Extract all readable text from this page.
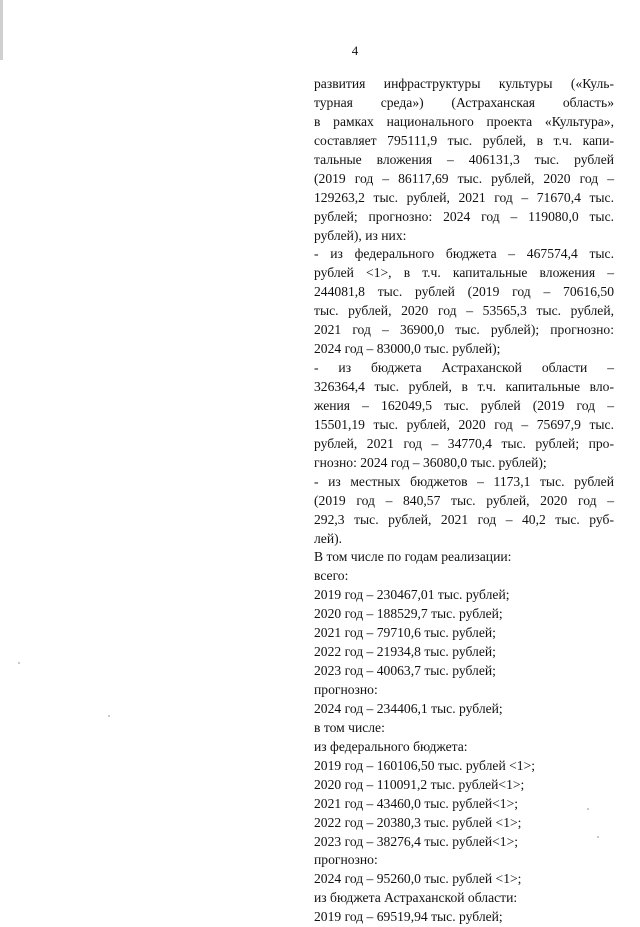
4
развития инфраструктуры культуры («Куль-
турная среда») (Астраханская область»
в рамках национального проекта «Культура»,
составляет 795111,9 тыс. рублей, в т.ч. капи-
тальные вложения – 406131,3 тыс. рублей
(2019 год – 86117,69 тыс. рублей, 2020 год –
129263,2 тыс. рублей, 2021 год – 71670,4 тыс.
рублей; прогнозно: 2024 год – 119080,0 тыс.
рублей), из них:
- из федерального бюджета – 467574,4 тыс.
рублей <1>, в т.ч. капитальные вложения –
244081,8 тыс. рублей (2019 год – 70616,50
тыс. рублей, 2020 год – 53565,3 тыс. рублей,
2021 год – 36900,0 тыс. рублей); прогнозно:
2024 год – 83000,0 тыс. рублей);
- из бюджета Астраханской области –
326364,4 тыс. рублей, в т.ч. капитальные вло-
жения – 162049,5 тыс. рублей (2019 год –
15501,19 тыс. рублей, 2020 год – 75697,9 тыс.
рублей, 2021 год – 34770,4 тыс. рублей; про-
гнозно: 2024 год – 36080,0 тыс. рублей);
- из местных бюджетов – 1173,1 тыс. рублей
(2019 год – 840,57 тыс. рублей, 2020 год –
292,3 тыс. рублей, 2021 год – 40,2 тыс. руб-
лей).
В том числе по годам реализации:
всего:
2019 год – 230467,01 тыс. рублей;
2020 год – 188529,7 тыс. рублей;
2021 год – 79710,6 тыс. рублей;
2022 год – 21934,8 тыс. рублей;
2023 год – 40063,7 тыс. рублей;
прогнозно:
2024 год – 234406,1 тыс. рублей;
в том числе:
из федерального бюджета:
2019 год – 160106,50 тыс. рублей <1>;
2020 год – 110091,2 тыс. рублей<1>;
2021 год – 43460,0 тыс. рублей<1>;
2022 год – 20380,3 тыс. рублей <1>;
2023 год – 38276,4 тыс. рублей<1>;
прогнозно:
2024 год – 95260,0 тыс. рублей <1>;
из бюджета Астраханской области:
2019 год – 69519,94 тыс. рублей;
